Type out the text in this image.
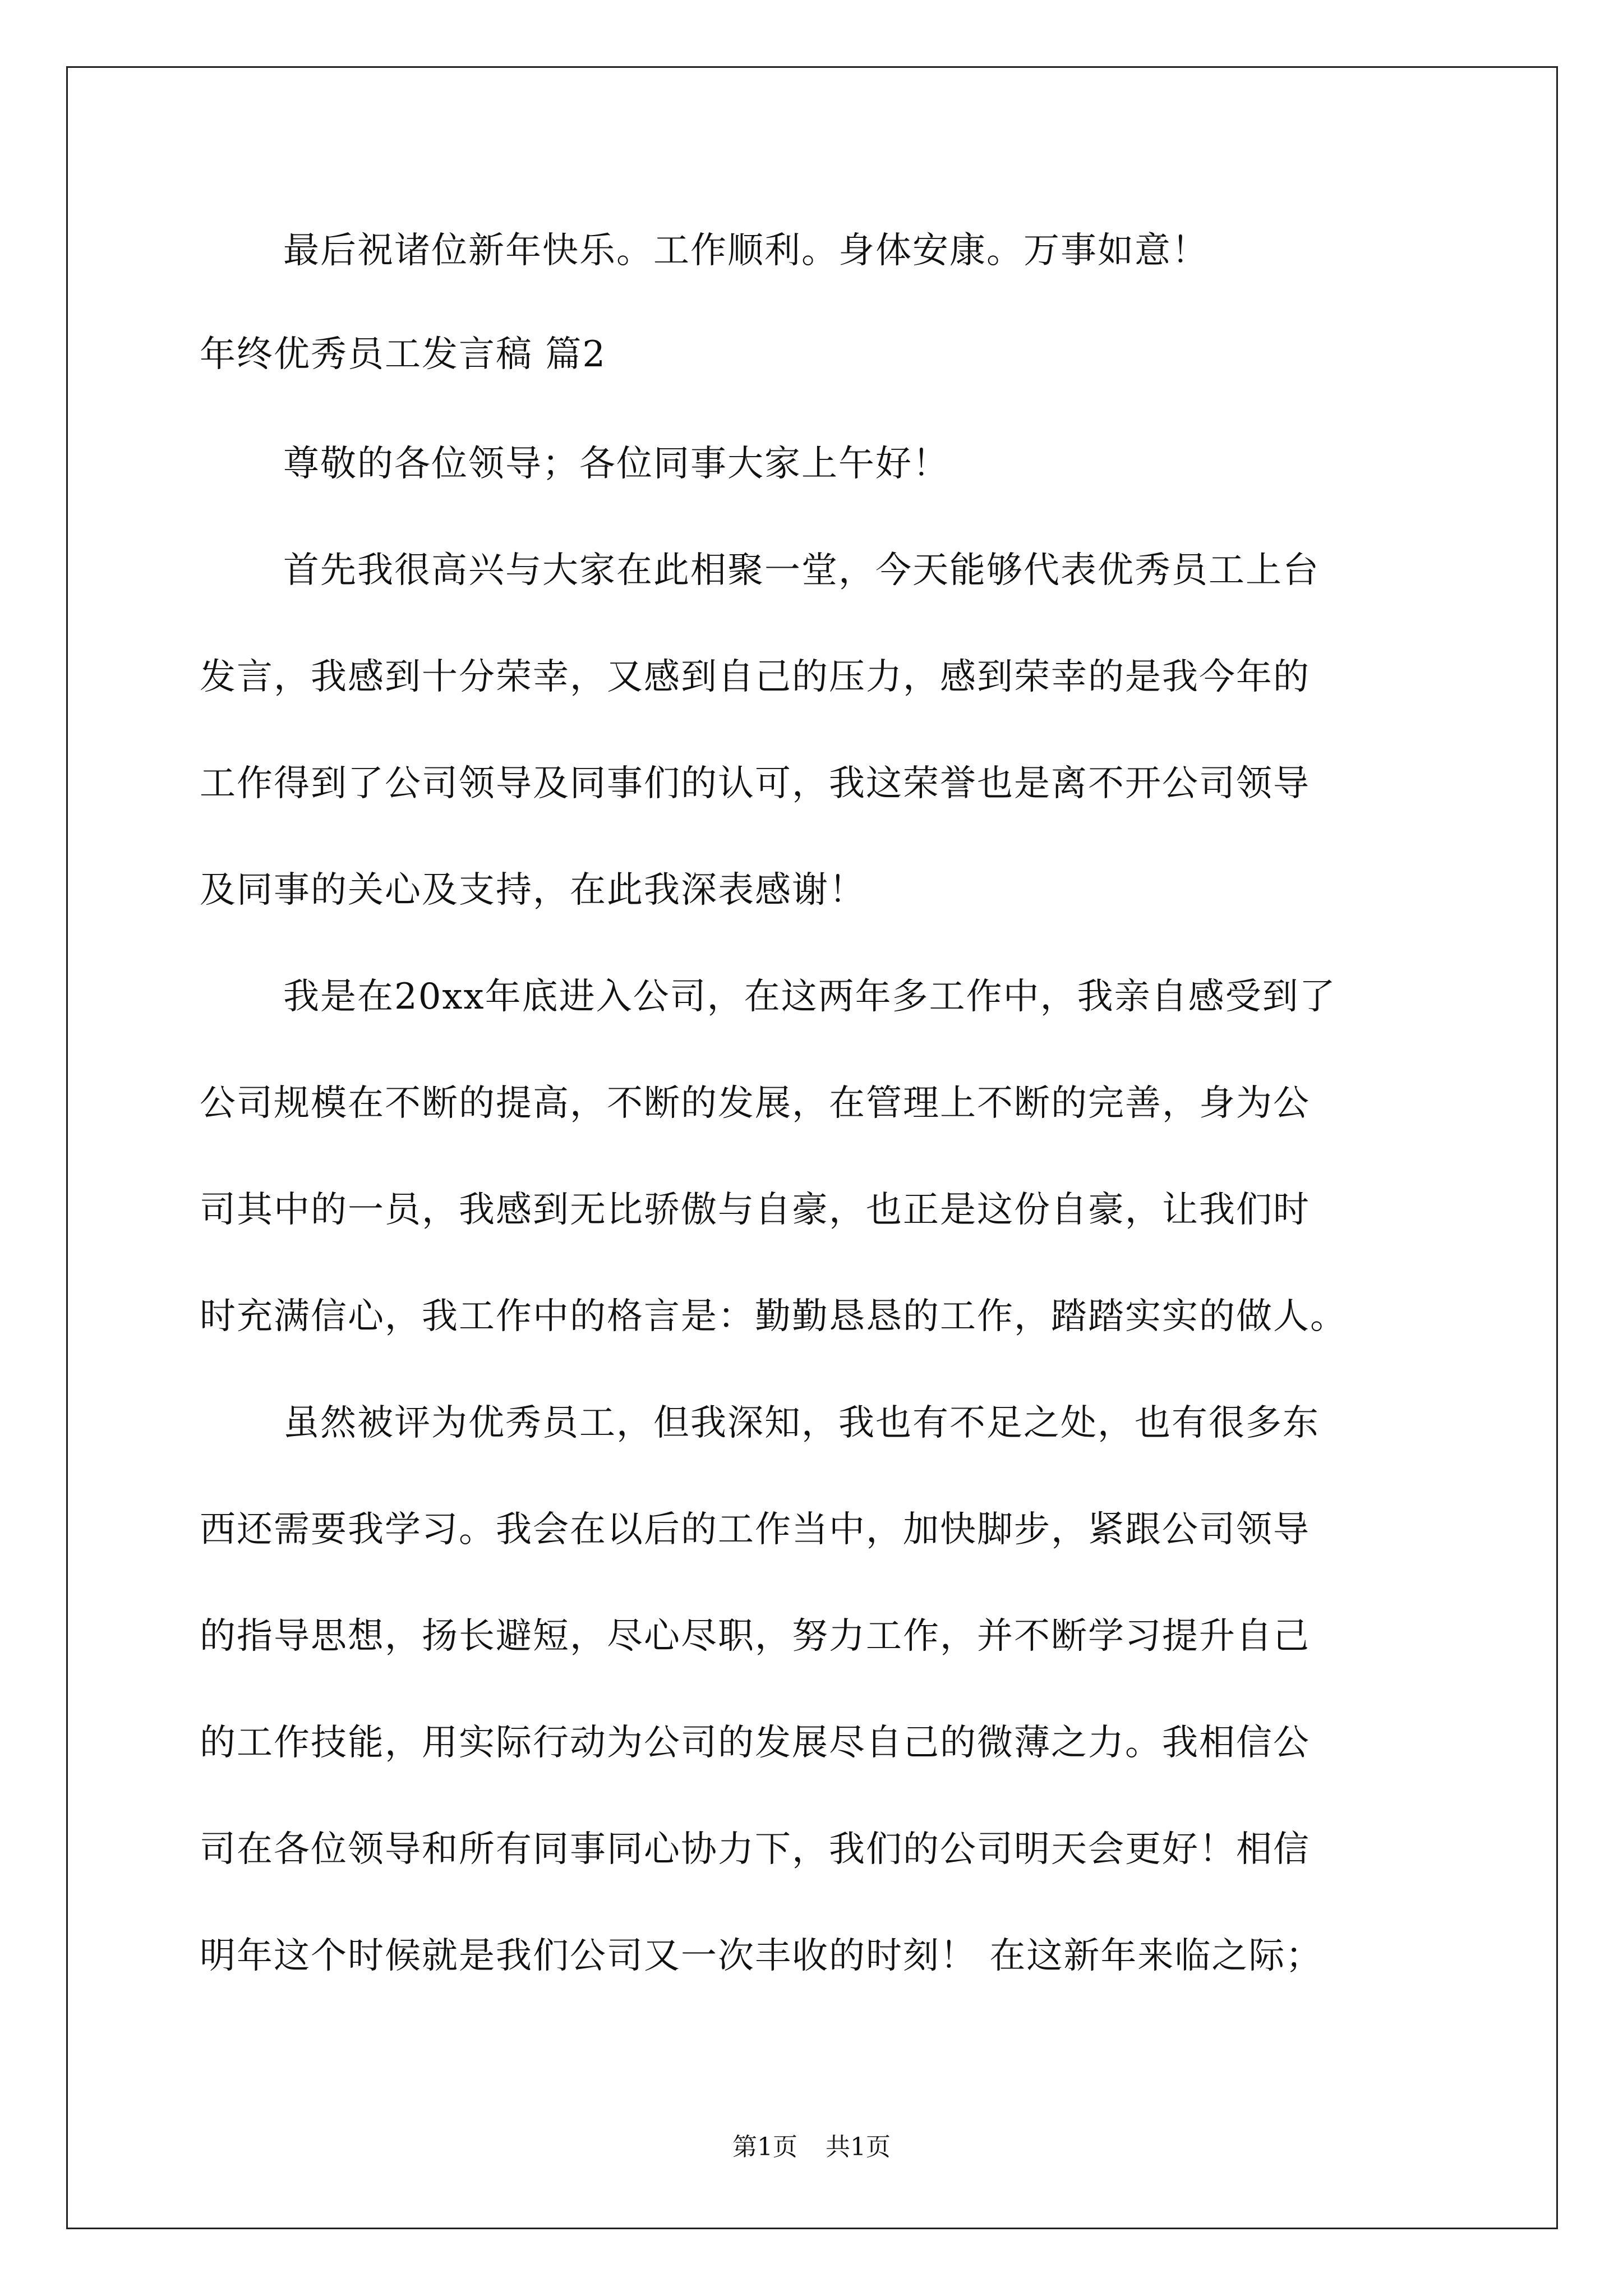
最后祝诸位新年快乐。工作顺利。身体安康。万事如意！
年终优秀员工发言稿 篇2
尊敬的各位领导；各位同事大家上午好！
首先我很高兴与大家在此相聚一堂，今天能够代表优秀员工上台
发言，我感到十分荣幸，又感到自己的压力，感到荣幸的是我今年的
工作得到了公司领导及同事们的认可，我这荣誉也是离不开公司领导
及同事的关心及支持，在此我深表感谢！
我是在20xx年底进入公司，在这两年多工作中，我亲自感受到了
公司规模在不断的提高，不断的发展，在管理上不断的完善，身为公
司其中的一员，我感到无比骄傲与自豪，也正是这份自豪，让我们时
时充满信心，我工作中的格言是：勤勤恳恳的工作，踏踏实实的做人。
虽然被评为优秀员工，但我深知，我也有不足之处，也有很多东
西还需要我学习。我会在以后的工作当中，加快脚步，紧跟公司领导
的指导思想，扬长避短，尽心尽职，努力工作，并不断学习提升自己
的工作技能，用实际行动为公司的发展尽自己的微薄之力。我相信公
司在各位领导和所有同事同心协力下，我们的公司明天会更好！相信
明年这个时候就是我们公司又一次丰收的时刻！ 在这新年来临之际；
第1页 共1页
